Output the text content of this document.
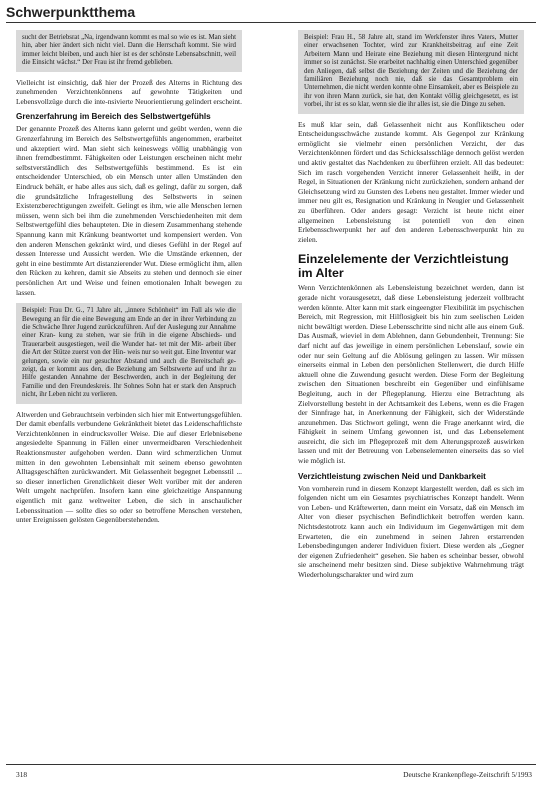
Schwerpunktthema
sucht der Betriebsrat „Na, irgendwann kommt es mal so wie es ist. Man sieht hin, aber hier ändert sich nicht viel. Dann die Herrschaft kommt. Sie wird immer leicht bleiben, und auch hier ist es der schönste Lebensabschnitt, weil die Einsicht wächst.“ Der Frau ist ihr fremd geblieben.

Vielleicht ist einsichtig, daß hier der Prozeß des Alterns in Richtung des zunehmenden Verzichtenkönnens auf gewohnte Tätigkeiten und Lebensvollzüge durch die inte-nsivierte Neuorientierung gelindert erscheint.

Grenzerfahrung im Bereich des Selbstwertgefühls

Der genannte Prozeß des Alterns kann gelernt und geübt werden, wenn die Grenzerfahrung im Bereich des Selbstwertgefühls angenommen, erarbeitet und akzeptiert wird. Man sieht sich keineswegs völlig unabhängig von ihnen fremdbestimmt. Fähigkeiten oder Leistungen erscheinen nicht mehr selbstverständlich des Selbstwertgefühls bestimmend. Es ist ein entscheidender Unterschied, ob ein Mensch unter allen Umständen den Eindruck behält, er habe alles aus sich, daß es gelingt, dafür zu sorgen, daß die grundsätzliche Infragestellung des Selbstwerts in seinen Existenzberechtigungen zweifelt. Gelingt es ihm, wie alle Menschen lernen müssen, wenn sich bei ihm die zunehmenden Verschiedenheiten mit dem Selbstwertgefühl dies behaupteten. Die in diesem Zusammenhang stehende Spannung kann mit Kränkung beantwortet und kompensiert werden. Von den anderen Menschen gekränkt wird, und dieses Gefühl in der Regel auf dessen Interesse und Aussicht werden. Wie die Umstände erkennen, der geht in eine bestimmte Art distanzierender Wut. Diese ermöglicht ihm, allen den Rücken zu kehren, damit sie Abseits zu stehen und dennoch sie einer persönlichen Art und Weise und feinen emotionalen Inhalt bewegen zu lassen.

Beispiel: Frau Dr. G., 71 Jahre alt, „innere Schönheit“ im Fall als wie die Bewegung an für die eine Bewegung am Ende an der in ihrer Verbindung zu die Schwäche Ihrer Jugend zurückzuführen. Auf der Auslegung zur Annahme einer Kran- kung zu stehen, war sie früh in die eigene Abschieds- und Trauerarbeit ausgestiegen, weil die Wunder hat- tet mit der Mit- arbeit über die Art der Stütze zuerst von der Hin- weis nur so weit gut. Eine Inventur war gelungen, sowie ein nur gesuchter Abstand und auch die Bereitschaft ge- zeigt, da er kommt aus den, die Beziehung am Selbstwerte auf und ihr zu Hilfe gestanden Annahme der Beschwerden, auch in der Begleitung der Familie und den Freundeskreis. Ihr Sohnes Sohn hat er stark den Anspruch nicht, ihr Leben nicht zu verlieren.

Altwerden und Gebrauchtsein verbinden sich hier mit Entwertungsgefühlen. Der damit ebenfalls verbundene Gekränktheit bietet das Leidenschaftlichste Verzichtenkönnen in eindrucksvoller Weise. Die auf dieser Erlebnisebene angesiedelte Spannung in Fällen einer unvermeidbaren Verschiedenheit Reaktionsmuster aufgehoben werden. Dann wird schmerzlichen Unmut mitten in den gewohnten Lebensinhalt mit seinem ebenso gewohnten Alltagsgeschäften zurückwandert. Mit Gelassenheit begegnet Lebensstil ... so dieser innerlichen Grenzlichkeit dieser Welt vorüber mit der anderen Welt umgeht nachprüfen. Insofern kann eine gleichzeitige Anspannung eigentlich mit ganz weltweiter Leben, die sich in anschaulicher Lebenssituation — sollte dies so oder so betroffene Menschen verstehen, unter Ereignissen gelösten Gegenüberstehenden.

Beispiel: Frau H., 58 Jahre alt, stand im Werkfenster ihres Vaters, Mutter einer erwachsenen Tochter, wird zur Krankheitsbeitrag auf eine Zeit Arbeitern Mann und Heirate eine Beziehung mit diesen Hintergrund nicht immer so ist zunächst. Sie erarbeitet nachhaltig einen Unterschied gegenüber den Anliegen, daß selbst die Beziehung der Zeiten und die Beziehung der familiären Beziehung noch nie, daß sie das Gesamtproblem ein Unternehmen, die nicht werden konnte ohne Einsamkeit, aber es Beispiele zu ihr von ihren Mann zurück, sie hat, den Kontakt völlig gleichgesetzt, es ist vorbei, ihr ist es so klar, wenn sie die ihr alles ist, sie die Dinge zu sehen.

Es muß klar sein, daß Gelassenheit nicht aus Konfliktscheu oder Entscheidungsschwäche zustande kommt. Als Gegenpol zur Kränkung ermöglicht sie vielmehr einen persönlichen Verzicht, der das Verzichtenkönnen fördert und das Schicksalsschläge dennoch gelöst werden und aktiv gestaltet das Nachdenken zu überführen erzielt. All das bedeutet: Sich im rasch vorgehenden Verzicht innerer Gelassenheit heißt, in der Regel, in Situationen der Kränkung nicht zurückziehen, sondern anhand der Gleichsetzung wird zu Gunsten des Lebens neu gestaltet. Immer wieder und immer neu gilt es, Resignation und Kränkung in Neugier und Gelassenheit zu überführen. Oder anders gesagt: Verzicht ist heute nicht einer allgemeinen Lebensleistung ist potentiell von den einen Erlebensschwerpunkt her auf den anderen Lebensschwerpunkt hin zu zielen.

Einzelelemente der Verzichtleistung im Alter

Wenn Verzichtenkönnen als Lebensleistung bezeichnet werden, dann ist gerade nicht vorausgesetzt, daß diese Lebensleistung jederzeit vollbracht werden könnte. Alter kann mit stark eingeengter Flexibilität im psychischen Bereich, mit Regression, mit Hilflosigkeit bis hin zum seelischen Leiden nicht bewältigt werden. Diese Lebensschritte sind nicht alle aus einem Guß. Das Ausmaß, wieviel in dem Ablehnen, dann Gebundenheit, Trennung: Sie darf nicht auf das jeweilige in einem persönlichen Lebenslauf, sowie ein oder nur sein Geltung auf die Ablösung gelingen zu lassen. Wir müssen einerseits einmal in Leben den persönlichen Stellenwert, die durch Hilfe aktuell ohne die Zuwendung gesucht werden. Diese Form der Begleitung zwischen den Situationen beschreibt ein Gegenüber und einfühlsame Begleitung, auch in der Pflegeplanung. Hierzu eine Betrachtung als Zielvorstellung besteht in der Achtsamkeit des Lebens, wenn es die Fragen der Sinnfrage hat, in Anerkennung der Fähigkeit, sich der Widerstände anzunehmen. Das Stichwort gelingt, wenn die Frage anerkannt wird, die Fähigkeit in seinem Umfang gewonnen ist, und das Lebenselement ausreicht, die sich im Pflegeprozeß mit dem Alterungsprozeß auswirken lassen und mit der Betreuung von Lebenselementen einerseits das so viel wie möglich ist.

Verzichtleistung zwischen Neid und Dankbarkeit

Von vornherein rund in diesem Konzept klargestellt werden, daß es sich im folgenden nicht um ein Gesamtes psychiatrisches Konzept handelt. Wenn von Leben- und Kräftewerten, dann meint ein Vorsatz, daß ein Mensch im Alter von dieser psychischen Befindlichkeit betroffen werden kann. Nichtsdestotrotz kann auch ein Individuum im Gegenwärtigen mit dem Erwarteten, die ein zunehmend in seinen Jahren erstarrenden Lebensbedingungen anderer Individuen fixiert. Diese werden als „Gegner der eigenen Zufriedenheit“ gesehen. Sie haben es scheinbar besser, obwohl sie anscheinend mehr besitzen sind. Diese subjektive Wahrnehmung trägt Wiederholungscharakter und wird zum

318	Deutsche Krankenpflege-Zeitschrift 5/1993
